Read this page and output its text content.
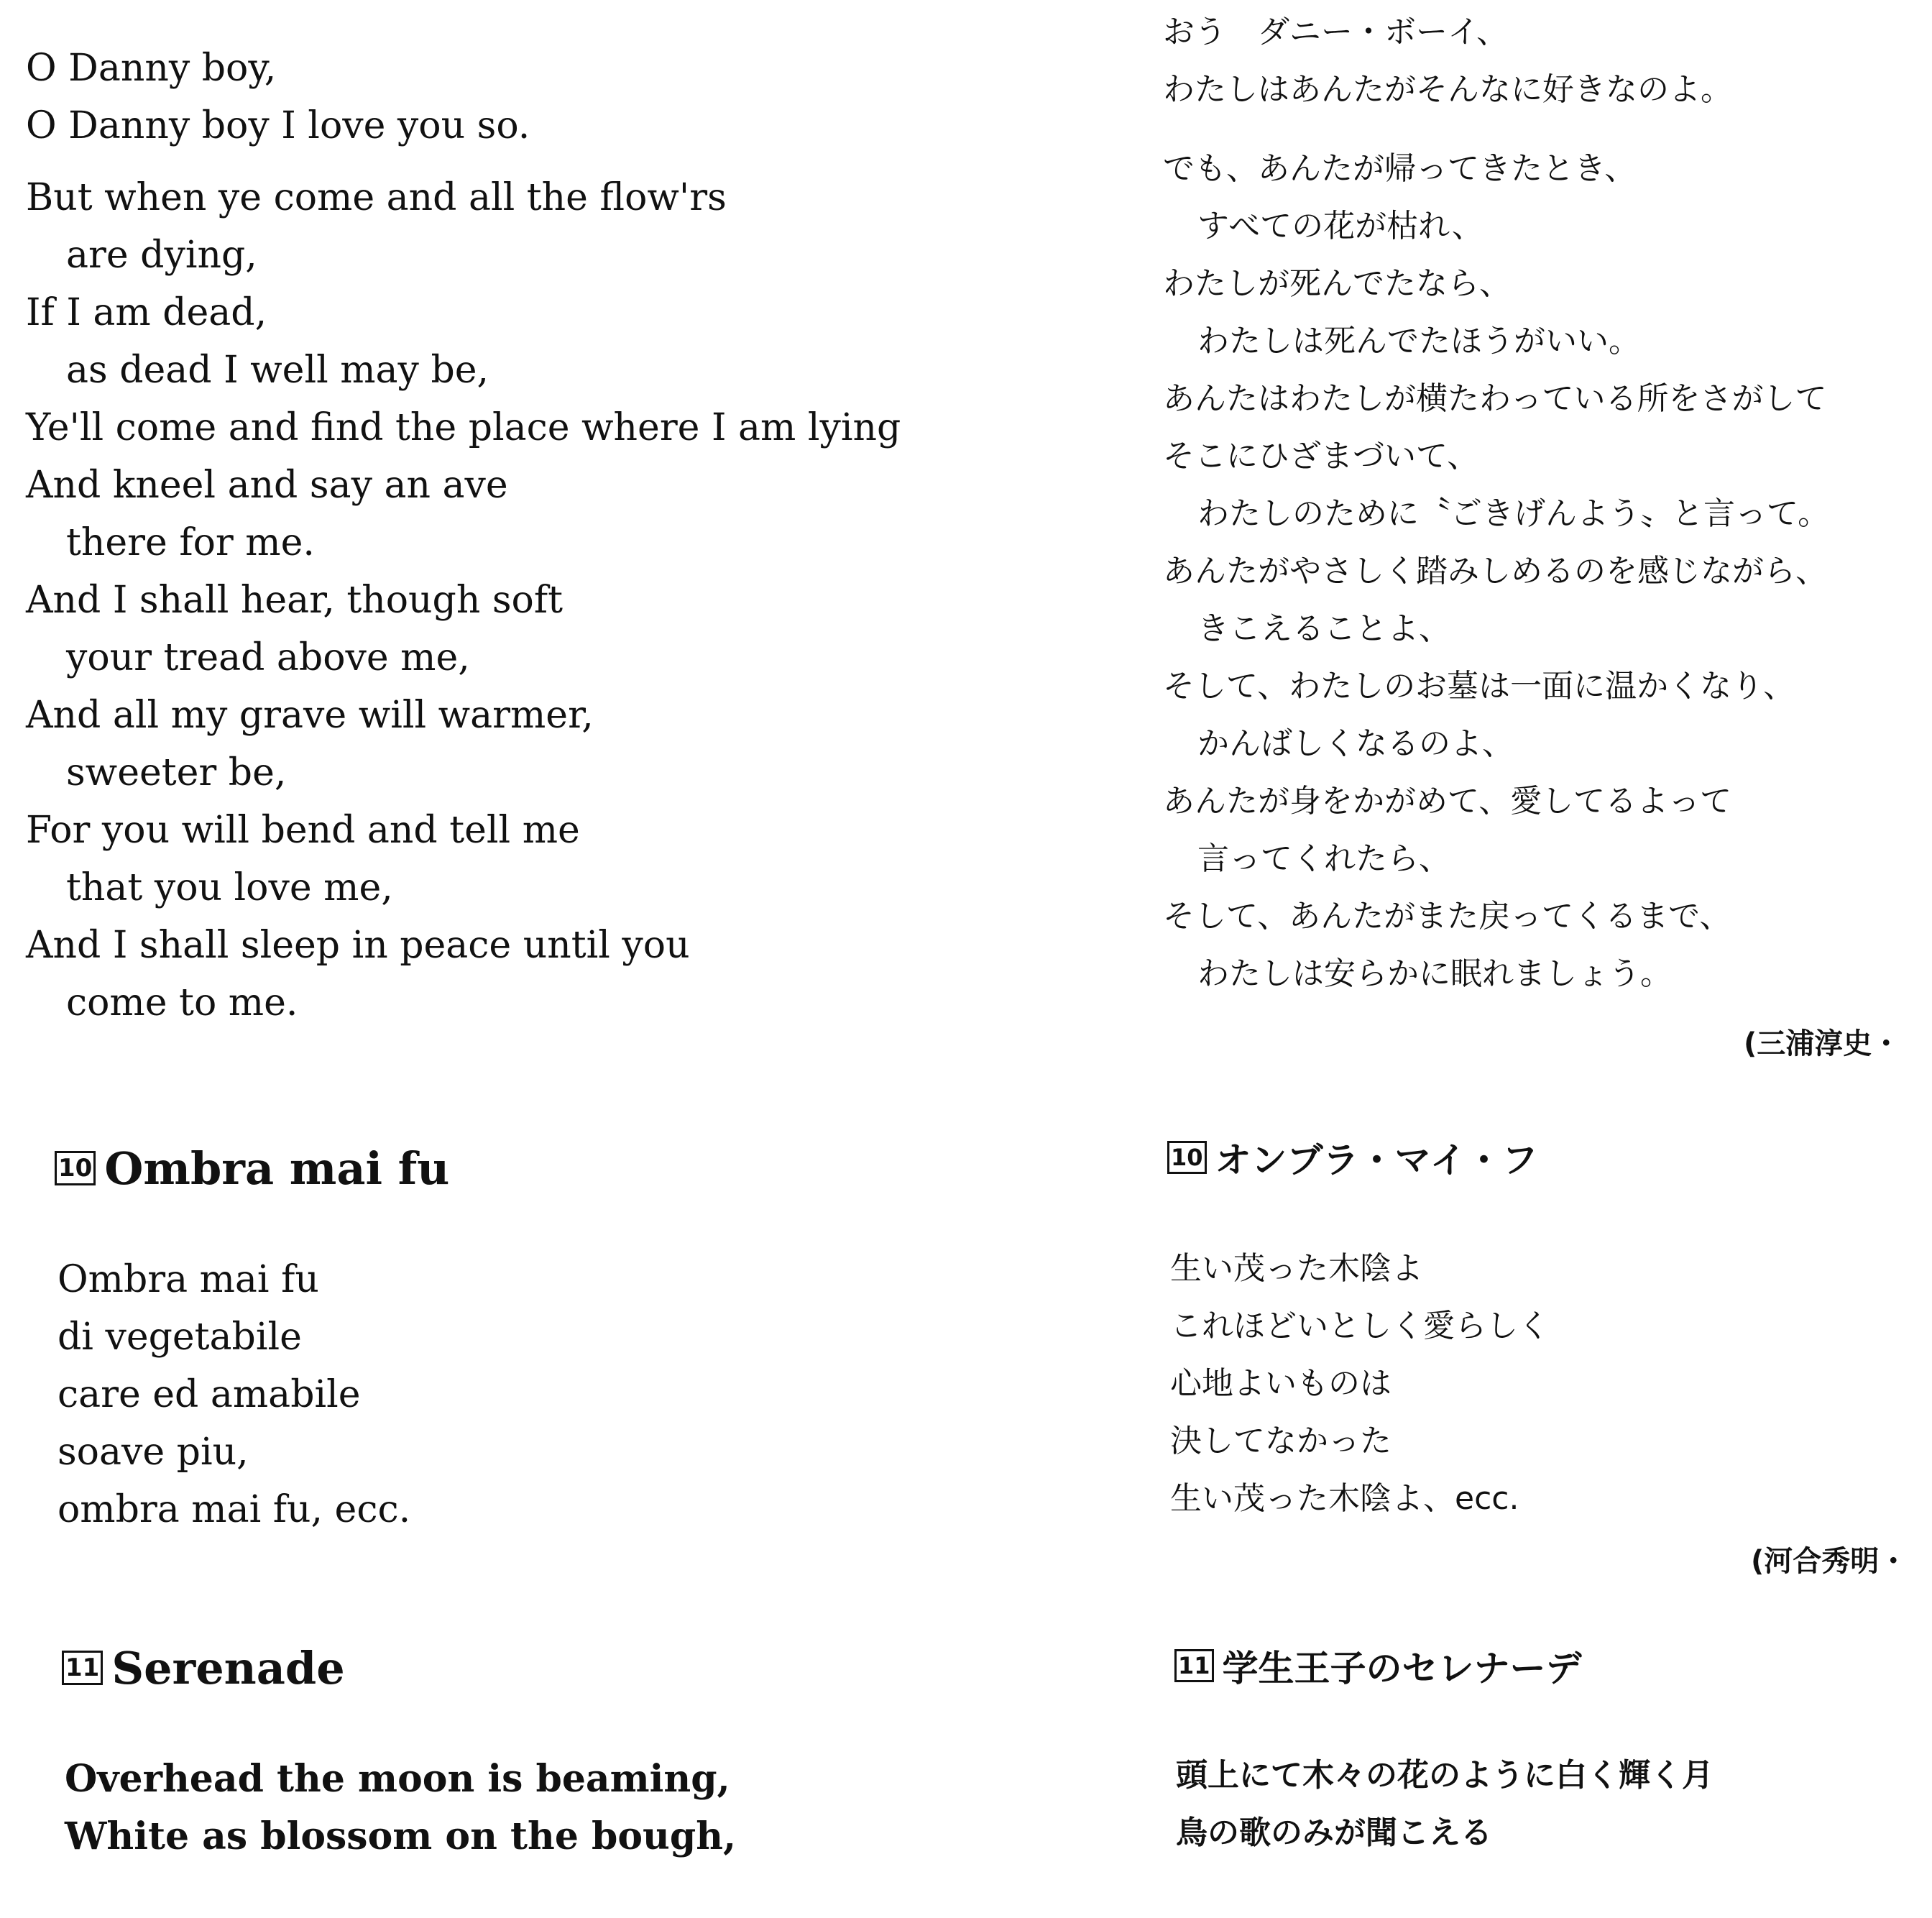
O Danny boy,
O Danny boy I love you so.
But when ye come and all the flow'rs
are dying,
If I am dead,
as dead I well may be,
Ye'll come and find the place where I am lying
And kneel and say an ave
there for me.
And I shall hear, though soft
your tread above me,
And all my grave will warmer,
sweeter be,
For you will bend and tell me
that you love me,
And I shall sleep in peace until you
come to me.
10 Ombra mai fu
Ombra mai fu
di vegetabile
care ed amabile
soave piu,
ombra mai fu, ecc.
11 Serenade
Overhead the moon is beaming,
White as blossom on the bough,
おう　ダニー・ボーイ、
わたしはあんたがそんなに好きなのよ。
でも、あんたが帰ってきたとき、
すべての花が枯れ、
わたしが死んでたなら、
わたしは死んでたほうがいい。
あんたはわたしが横たわっている所をさがして
そこにひざまづいて、
わたしのために〝ごきげんよう〟と言って。
あんたがやさしく踏みしめるのを感じながら、
きこえることよ、
そして、わたしのお墓は一面に温かくなり、
かんばしくなるのよ、
あんたが身をかがめて、愛してるよって
言ってくれたら、
そして、あんたがまた戻ってくるまで、
わたしは安らかに眠れましょう。
(三浦淳史・
10 オンブラ・マイ・フ
生い茂った木陰よ
これほどいとしく愛らしく
心地よいものは
決してなかった
生い茂った木陰よ、ecc.
(河合秀明・
11 学生王子のセレナーデ
頭上にて木々の花のように白く輝く月
鳥の歌のみが聞こえる
